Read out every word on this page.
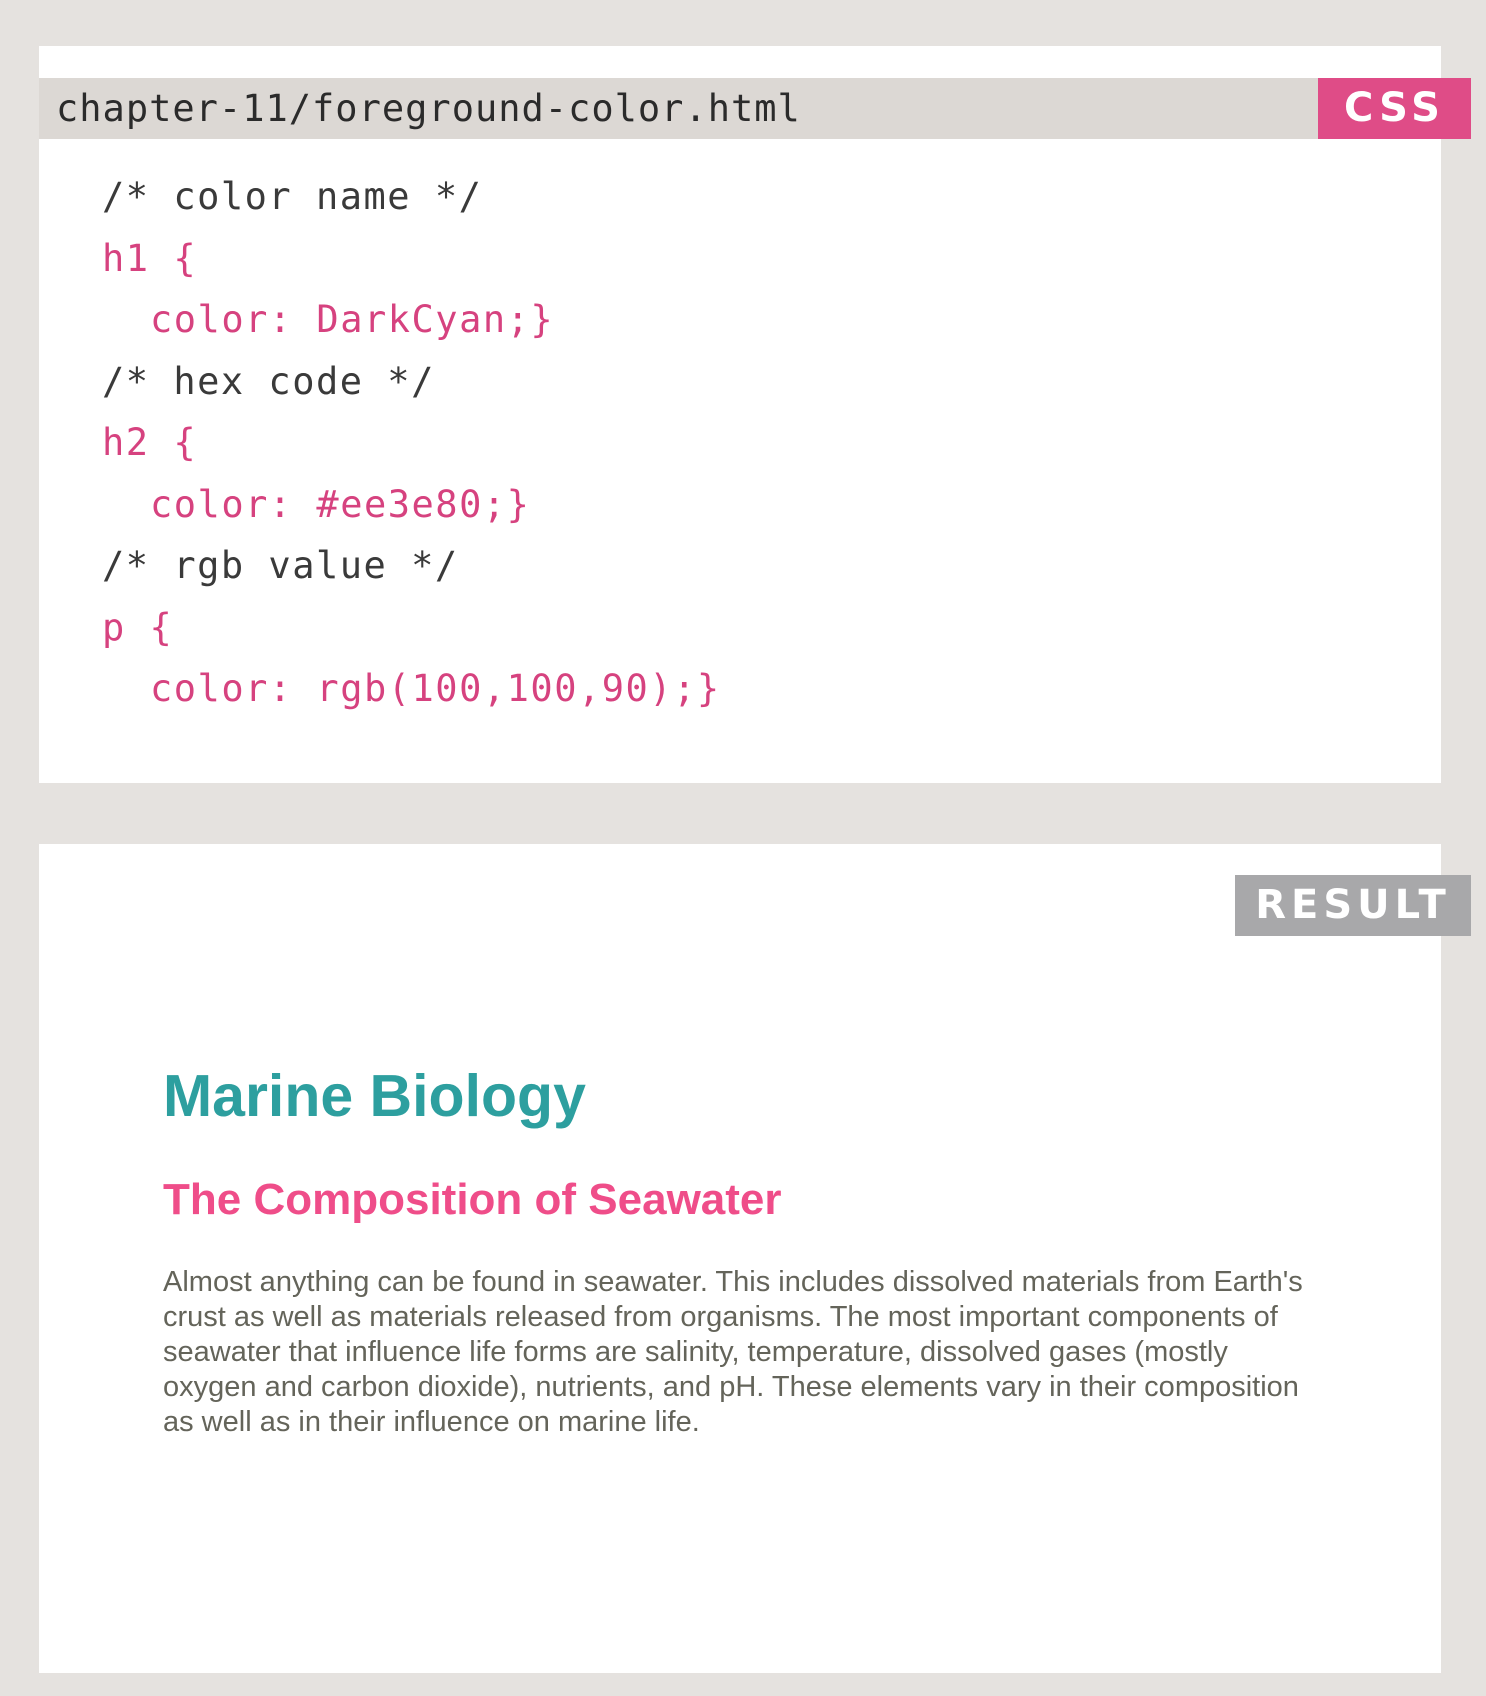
chapter-11/foreground-color.html	CSS
/* color name */
h1 {
color: DarkCyan;}
/* hex code */
h2 {
color: #ee3e80;}
/* rgb value */
p {
color: rgb(100,100,90);}
RESULT
Marine Biology
The Composition of Seawater

Almost anything can be found in seawater. This includes dissolved materials from Earth's crust as well as materials released from organisms. The most important components of seawater that influence life forms are salinity, temperature, dissolved gases (mostly oxygen and carbon dioxide), nutrients, and pH. These elements vary in their composition as well as in their influence on marine life.
